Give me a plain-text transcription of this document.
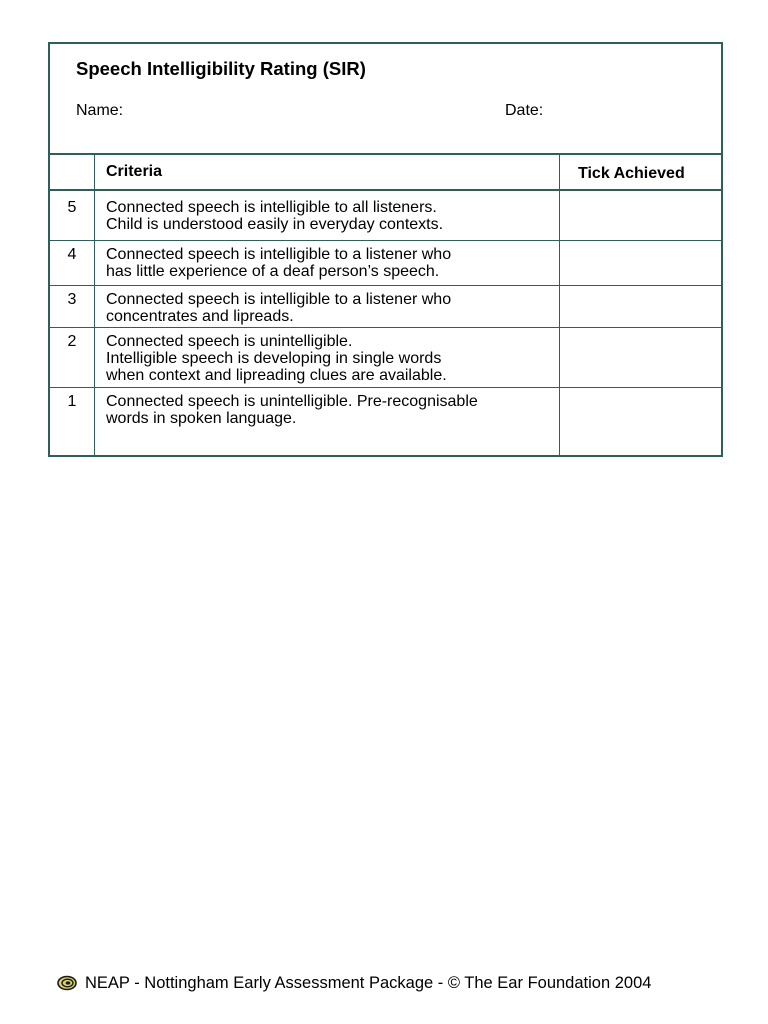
Speech Intelligibility Rating (SIR)
Name:	Date:
Criteria	Tick Achieved
5	Connected speech is intelligible to all listeners.
Child is understood easily in everyday contexts.
4	Connected speech is intelligible to a listener who
has little experience of a deaf person’s speech.
3	Connected speech is intelligible to a listener who
concentrates and lipreads.
2	Connected speech is unintelligible.
Intelligible speech is developing in single words
when context and lipreading clues are available.
1	Connected speech is unintelligible. Pre-recognisable
words in spoken language.
NEAP - Nottingham Early Assessment Package - © The Ear Foundation 2004
